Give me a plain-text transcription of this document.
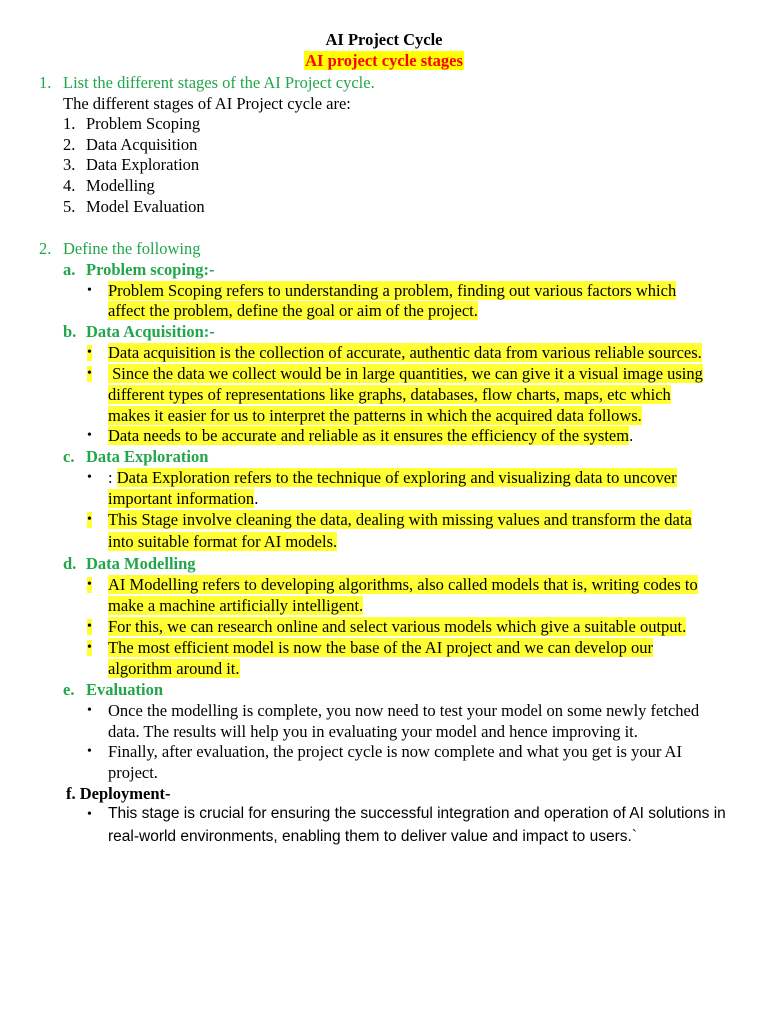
AI Project Cycle
AI project cycle stages
1. List the different stages of the AI Project cycle.
The different stages of AI Project cycle are:
1. Problem Scoping
2. Data Acquisition
3. Data Exploration
4. Modelling
5. Model Evaluation
2. Define the following
a. Problem scoping:-
• Problem Scoping refers to understanding a problem, finding out various factors which
affect the problem, define the goal or aim of the project.
b. Data Acquisition:-
• Data acquisition is the collection of accurate, authentic data from various reliable sources.
• Since the data we collect would be in large quantities, we can give it a visual image using
different types of representations like graphs, databases, flow charts, maps, etc which
makes it easier for us to interpret the patterns in which the acquired data follows.
• Data needs to be accurate and reliable as it ensures the efficiency of the system.
c. Data Exploration
• : Data Exploration refers to the technique of exploring and visualizing data to uncover
important information.
• This Stage involve cleaning the data, dealing with missing values and transform the data
into suitable format for AI models.
d. Data Modelling
• AI Modelling refers to developing algorithms, also called models that is, writing codes to
make a machine artificially intelligent.
• For this, we can research online and select various models which give a suitable output.
• The most efficient model is now the base of the AI project and we can develop our
algorithm around it.
e. Evaluation
• Once the modelling is complete, you now need to test your model on some newly fetched
data. The results will help you in evaluating your model and hence improving it.
• Finally, after evaluation, the project cycle is now complete and what you get is your AI
project.
f. Deployment-
• This stage is crucial for ensuring the successful integration and operation of AI solutions in
real-world environments, enabling them to deliver value and impact to users.`
